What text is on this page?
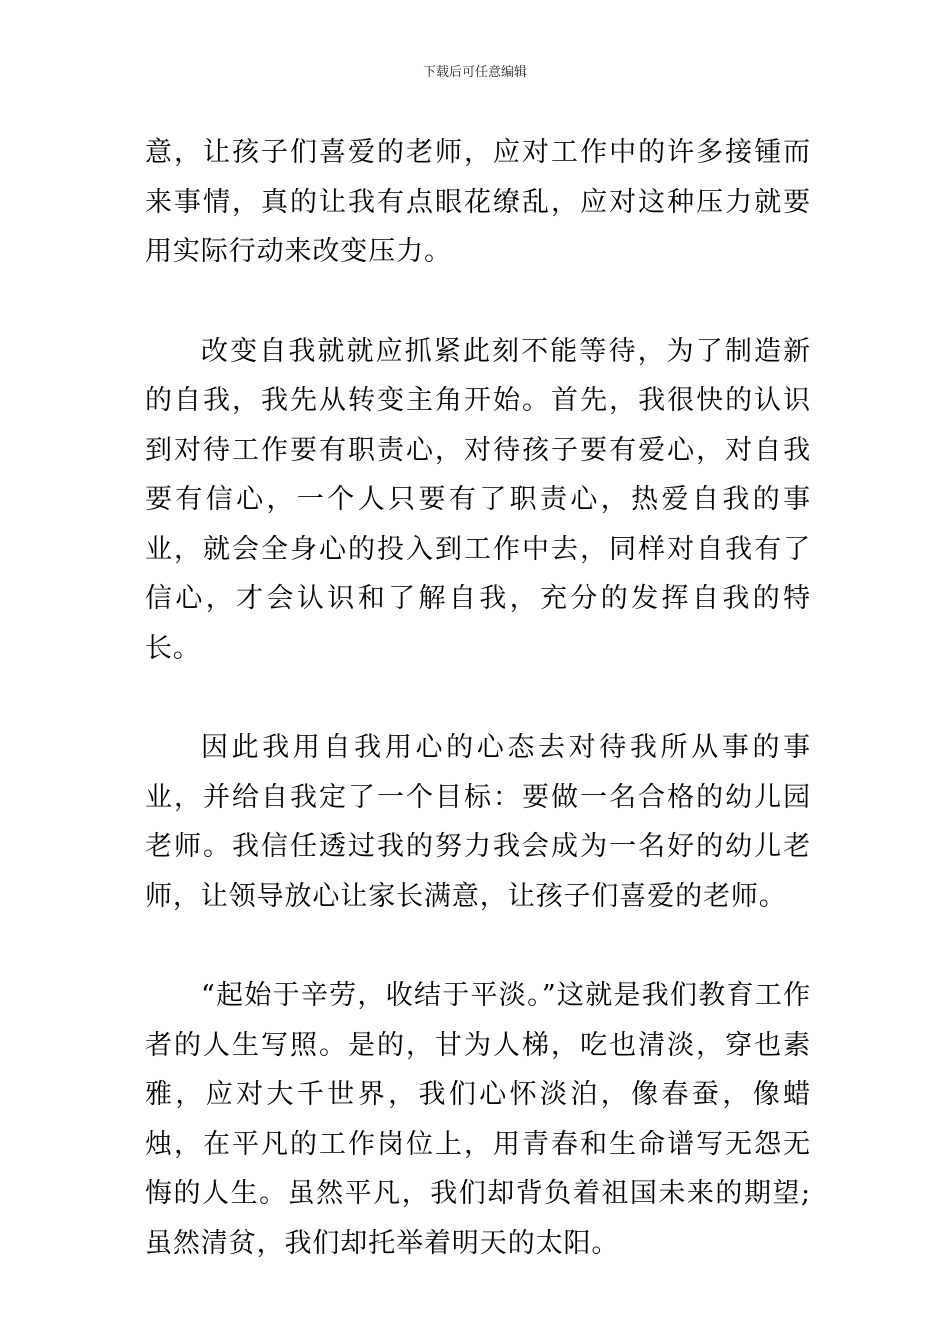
下载后可任意编辑

意，让孩子们喜爱的老师，应对工作中的许多接锺而来事情，真的让我有点眼花缭乱，应对这种压力就要用实际行动来改变压力。

改变自我就就应抓紧此刻不能等待，为了制造新的自我，我先从转变主角开始。首先，我很快的认识到对待工作要有职责心，对待孩子要有爱心，对自我要有信心，一个人只要有了职责心，热爱自我的事业，就会全身心的投入到工作中去，同样对自我有了信心，才会认识和了解自我，充分的发挥自我的特长。

因此我用自我用心的心态去对待我所从事的事业，并给自我定了一个目标：要做一名合格的幼儿园老师。我信任透过我的努力我会成为一名好的幼儿老师，让领导放心让家长满意，让孩子们喜爱的老师。

“起始于辛劳，收结于平淡。”这就是我们教育工作者的人生写照。是的，甘为人梯，吃也清淡，穿也素雅，应对大千世界，我们心怀淡泊，像春蚕，像蜡烛，在平凡的工作岗位上，用青春和生命谱写无怨无悔的人生。虽然平凡，我们却背负着祖国未来的期望;虽然清贫，我们却托举着明天的太阳。
